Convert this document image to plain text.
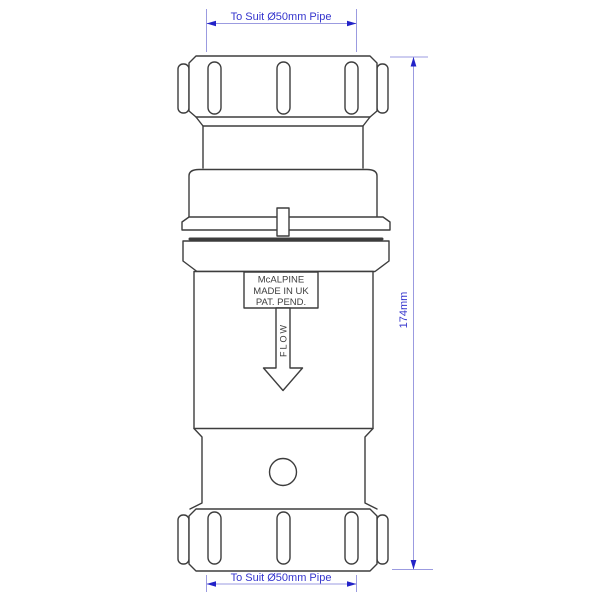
McALPINE
MADE IN UK
PAT. PEND.
FLOW
To Suit Ø50mm Pipe
To Suit Ø50mm Pipe
174mm
